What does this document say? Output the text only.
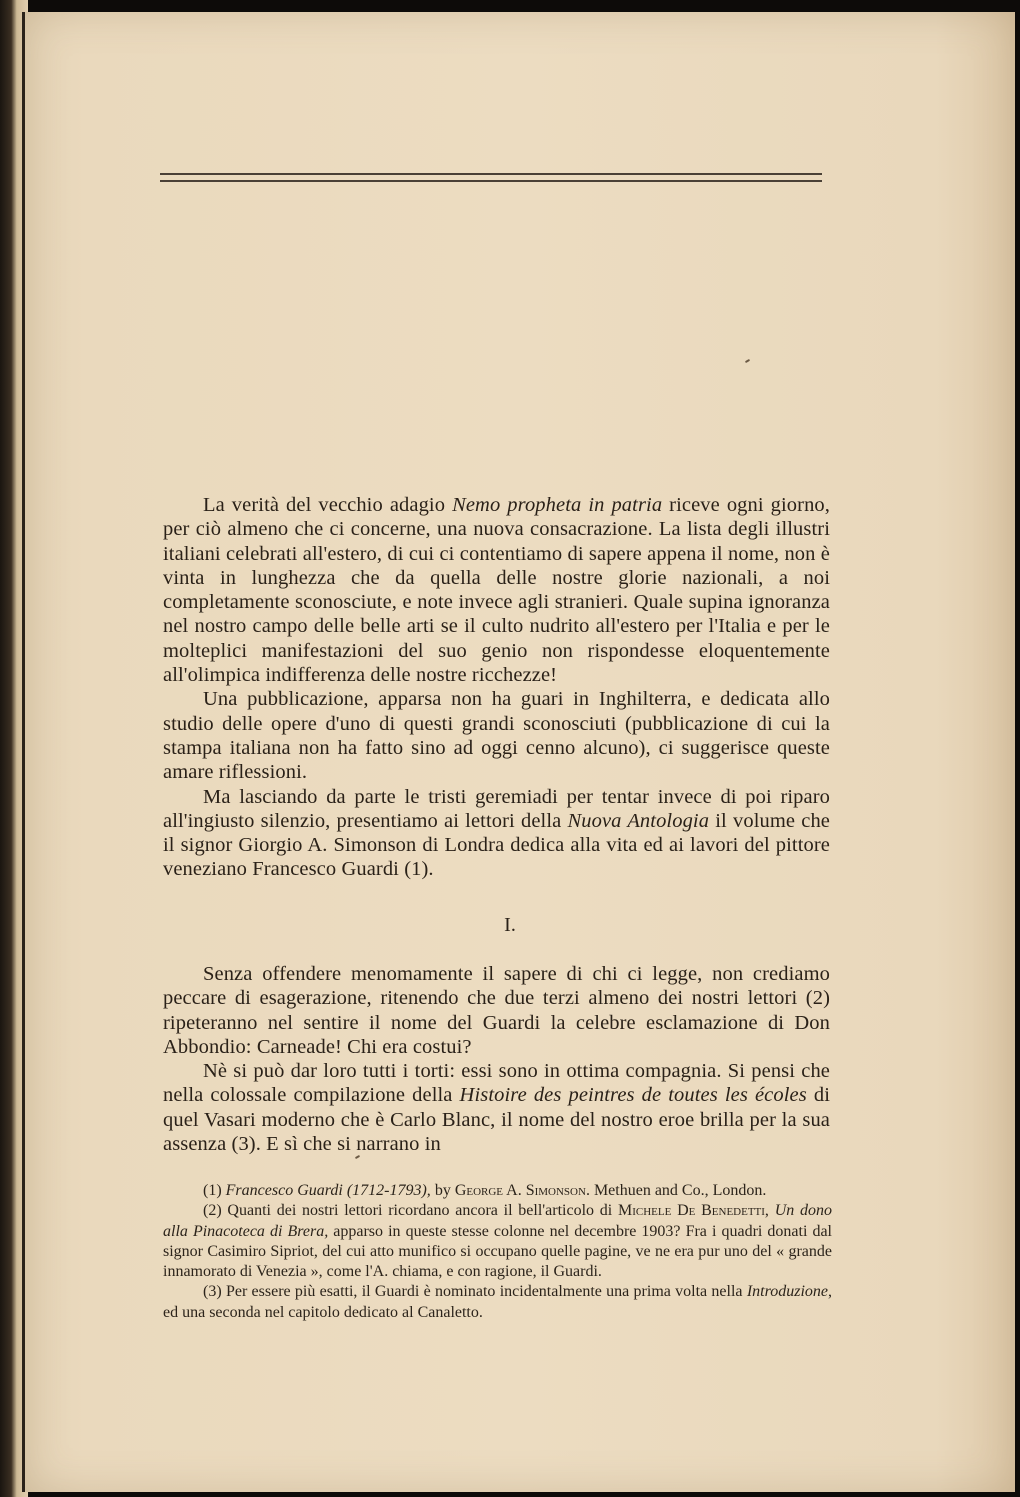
La verità del vecchio adagio Nemo propheta in patria riceve ogni giorno, per ciò almeno che ci concerne, una nuova consacrazione. La lista degli illustri italiani celebrati all'estero, di cui ci contentiamo di sapere appena il nome, non è vinta in lunghezza che da quella delle nostre glorie nazionali, a noi completamente sconosciute, e note invece agli stranieri. Quale supina ignoranza nel nostro campo delle belle arti se il culto nudrito all'estero per l'Italia e per le molteplici manifestazioni del suo genio non rispondesse eloquentemente all'olimpica indifferenza delle nostre ricchezze!

Una pubblicazione, apparsa non ha guari in Inghilterra, e dedicata allo studio delle opere d'uno di questi grandi sconosciuti (pubblicazione di cui la stampa italiana non ha fatto sino ad oggi cenno alcuno), ci suggerisce queste amare riflessioni.

Ma lasciando da parte le tristi geremiadi per tentar invece di poi riparo all'ingiusto silenzio, presentiamo ai lettori della Nuova Antologia il volume che il signor Giorgio A. Simonson di Londra dedica alla vita ed ai lavori del pittore veneziano Francesco Guardi (1).

I.

Senza offendere menomamente il sapere di chi ci legge, non crediamo peccare di esagerazione, ritenendo che due terzi almeno dei nostri lettori (2) ripeteranno nel sentire il nome del Guardi la celebre esclamazione di Don Abbondio: Carneade! Chi era costui?

Nè si può dar loro tutti i torti: essi sono in ottima compagnia. Si pensi che nella colossale compilazione della Histoire des peintres de toutes les écoles di quel Vasari moderno che è Carlo Blanc, il nome del nostro eroe brilla per la sua assenza (3). E sì che si narrano in

(1) Francesco Guardi (1712-1793), by George A. Simonson. Methuen and Co., London.

(2) Quanti dei nostri lettori ricordano ancora il bell'articolo di Michele De Benedetti, Un dono alla Pinacoteca di Brera, apparso in queste stesse colonne nel decembre 1903? Fra i quadri donati dal signor Casimiro Sipriot, del cui atto munifico si occupano quelle pagine, ve ne era pur uno del « grande innamorato di Venezia », come l'A. chiama, e con ragione, il Guardi.

(3) Per essere più esatti, il Guardi è nominato incidentalmente una prima volta nella Introduzione, ed una seconda nel capitolo dedicato al Canaletto.
